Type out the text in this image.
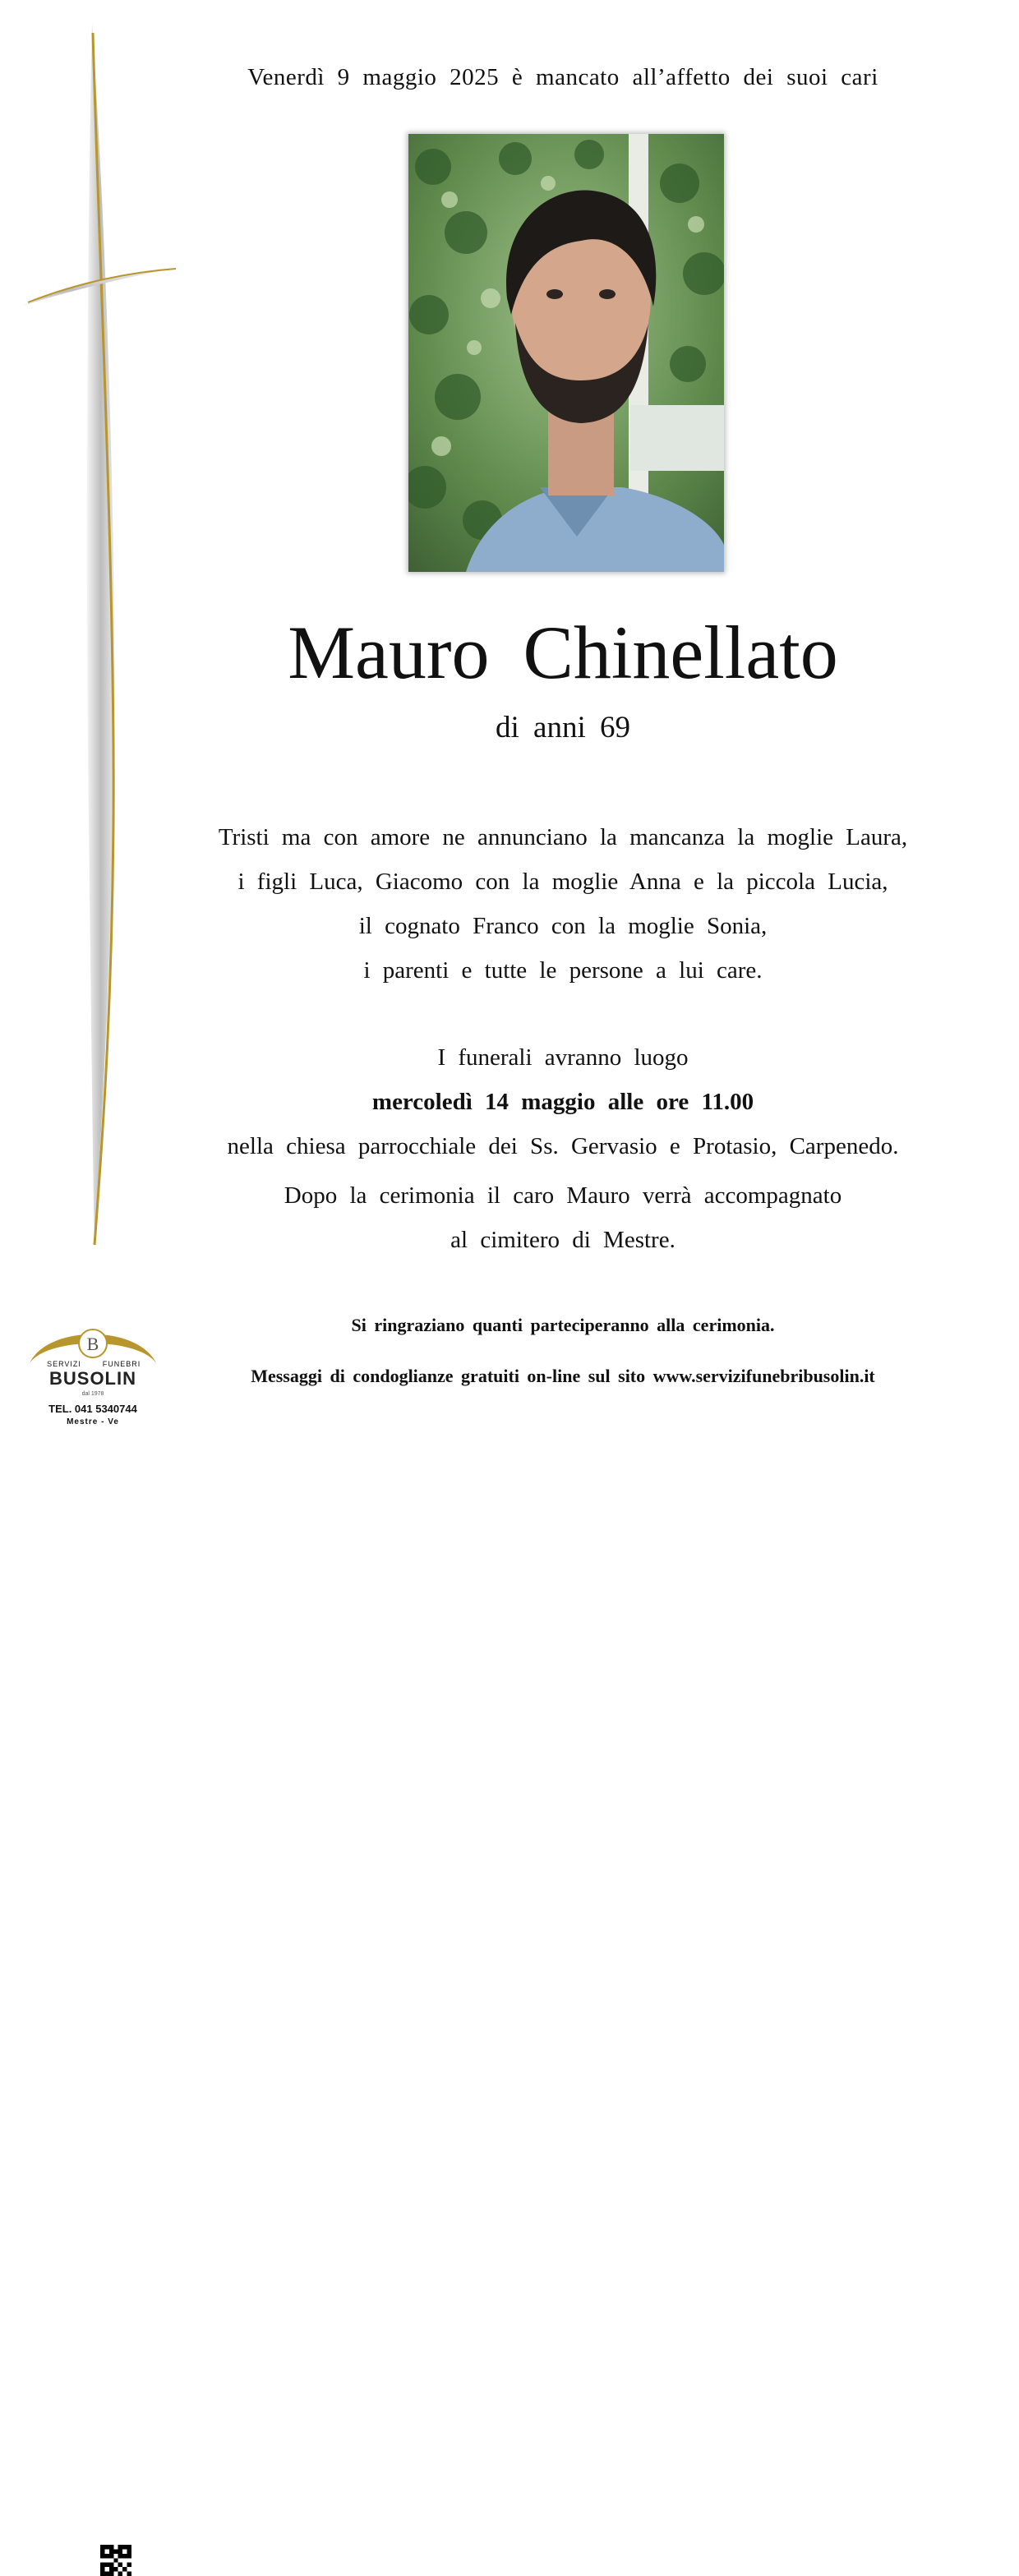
Venerdì 9 maggio 2025 è mancato all’affetto dei suoi cari
Mauro Chinellato
di anni 69
Tristi ma con amore ne annunciano la mancanza la moglie Laura,
i figli Luca, Giacomo con la moglie Anna e la piccola Lucia,
il cognato Franco con la moglie Sonia,
i parenti e tutte le persone a lui care.
I funerali avranno luogo
mercoledì 14 maggio alle ore 11.00
nella chiesa parrocchiale dei Ss. Gervasio e Protasio, Carpenedo.
Dopo la cerimonia il caro Mauro verrà accompagnato
al cimitero di Mestre.
Si ringraziano quanti parteciperanno alla cerimonia.
Messaggi di condoglianze gratuiti on-line sul sito www.servizifunebribusolin.it
B
SERVIZI	FUNEBRI
BUSOLIN
dal 1978
TEL. 041 5340744
Mestre - Ve
